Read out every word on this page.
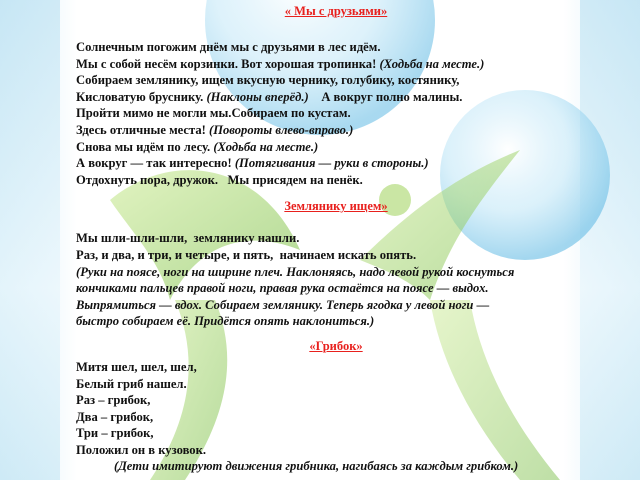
« Мы с друзьями»
Солнечным погожим днём мы с друзьями в лес идём.
Мы с собой несём корзинки. Вот хорошая тропинка! (Ходьба на месте.)
Собираем землянику, ищем вкусную чернику, голубику, костянику,
Кисловатую бруснику. (Наклоны вперёд.)    А вокруг полно малины.
Пройти мимо не могли мы.Собираем по кустам.
Здесь отличные места! (Повороты влево-вправо.)
Снова мы идём по лесу. (Ходьба на месте.)
А вокруг — так интересно! (Потягивания — руки в стороны.)
Отдохнуть пора, дружок.   Мы присядем на пенёк.
Землянику ищем»
Мы шли-шли-шли,  землянику нашли.
Раз, и два, и три, и четыре, и пять,  начинаем искать опять.
(Руки на поясе, ноги на ширине плеч. Наклоняясь, надо левой рукой коснуться
кончиками пальцев правой ноги, правая рука остаётся на поясе — выдох.
Выпрямиться — вдох. Собираем землянику. Теперь ягодка у левой ноги —
быстро собираем её. Придётся опять наклониться.)
«Грибок»
Митя шел, шел, шел,
Белый гриб нашел.
Раз – грибок,
Два – грибок,
Три – грибок,
Положил он в кузовок.
(Дети имитируют движения грибника, нагибаясь за каждым грибком.)
